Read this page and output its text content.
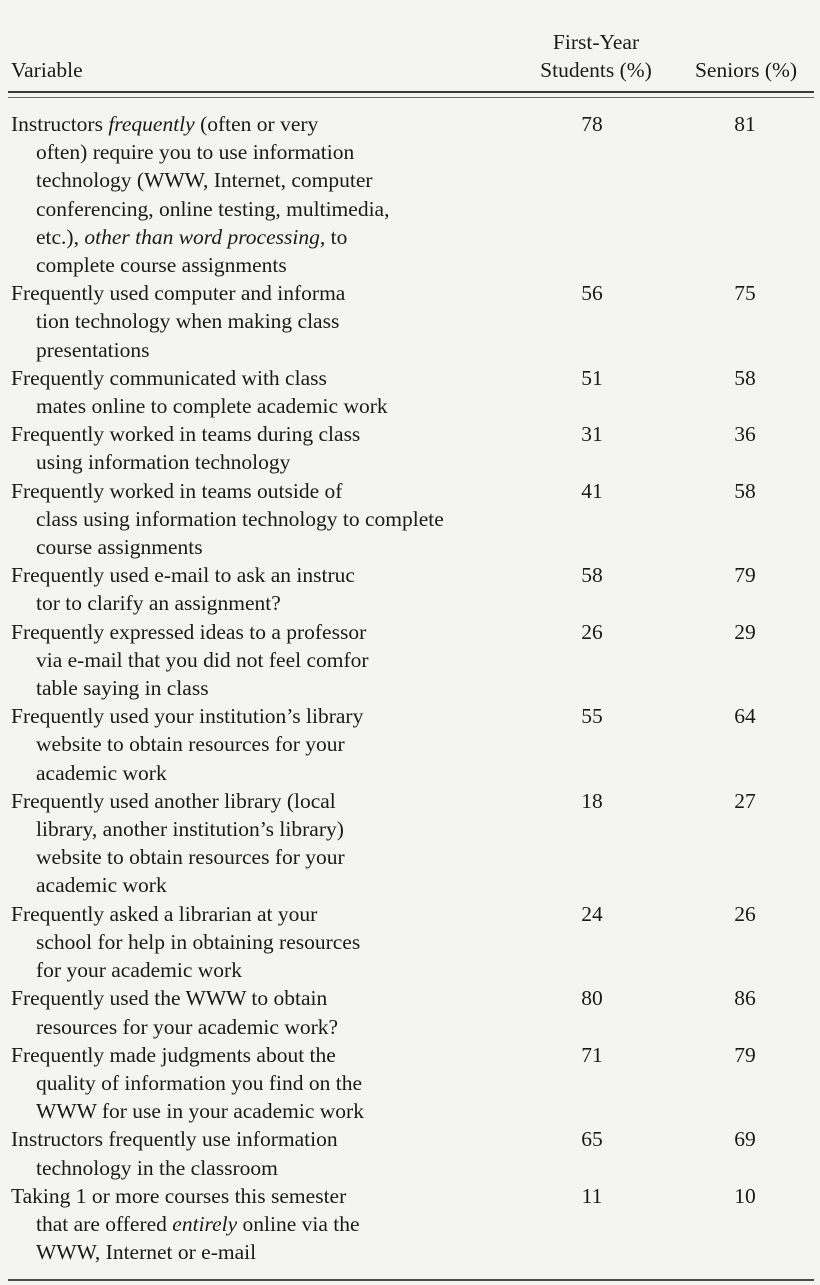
Variable	First-Year
Students (%)	Seniors (%)

Instructors frequently (often or very
often) require you to use information
technology (WWW, Internet, computer
conferencing, online testing, multimedia,
etc.), other than word processing, to
complete course assignments
	78	81

Frequently used computer and informa
tion technology when making class
presentations	56	75

Frequently communicated with class
mates online to complete academic work	51	58

Frequently worked in teams during class
using information technology	31	36

Frequently worked in teams outside of
class using information technology to complete
course assignments	41	58

Frequently used e-mail to ask an instruc
tor to clarify an assignment?	58	79

Frequently expressed ideas to a professor
via e-mail that you did not feel comfor
table saying in class	26	29

Frequently used your institution’s library
website to obtain resources for your
academic work	55	64

Frequently used another library (local
library, another institution’s library)
website to obtain resources for your
academic work	18	27

Frequently asked a librarian at your
school for help in obtaining resources
for your academic work	24	26

Frequently used the WWW to obtain
resources for your academic work?	80	86

Frequently made judgments about the
quality of information you find on the
WWW for use in your academic work	71	79

Instructors frequently use information
technology in the classroom	65	69

Taking 1 or more courses this semester
that are offered entirely online via the
WWW, Internet or e-mail	11	10
